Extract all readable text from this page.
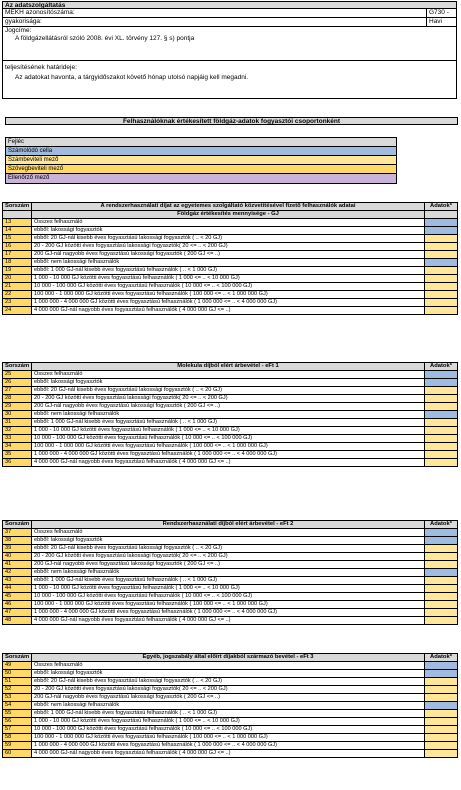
Az adatszolgáltatás
MEKH azonosítószáma:	G730 -
gyakorisága:	Havi
Jogcíme:
A földgázellátásról szóló 2008. évi XL. törvény 127. § s) pontja
teljesítésének határideje:
Az adatokat havonta, a tárgyidőszakot követő hónap utolsó napjáig kell megadni.
Felhasználóknak értékesített földgáz-adatok fogyasztói csoportonként
Fejléc
Számolódó cella
Számbeviteli mező
Szövegbeviteli mező
Ellenőrző mező
Sorszám	A rendszerhasználati díjat az egyetemes szolgáltató közvetítésével fizető felhasználók adatai	Adatok*
	Földgáz értékesítés mennyisége - GJ	
13	Összes felhasználó	
14	ebből: lakossági fogyasztók	
15	ebből: 20 GJ-nál kisebb éves fogyasztású lakossági fogyasztók ( .. < 20 GJ)	
16	20 - 200 GJ közötti éves fogyasztású lakossági fogyasztók( 20 <= .. < 200 GJ)	
17	200 GJ-nál nagyobb éves fogyasztású lakossági fogyasztók ( 200 GJ <= ..)	
18	ebből: nem lakossági felhasználók	
19	ebből: 1 000 GJ-nál kisebb éves fogyasztású felhasználók ( .. < 1 000 GJ)	
20	1 000 - 10 000 GJ közötti éves fogyasztású felhasználók ( 1 000 <= .. < 10 000 GJ)	
21	10 000 - 100 000 GJ közötti éves fogyasztású felhasználók ( 10 000 <= .. < 100 000 GJ)	
22	100 000 - 1 000 000 GJ közötti éves fogyasztású felhasználók ( 100 000 <= .. < 1 000 000 GJ)	
23	1 000 000 - 4 000 000 GJ közötti éves fogyasztású felhasználók ( 1 000 000 <= .. < 4 000 000 GJ)	
24	4 000 000 GJ-nál nagyobb éves fogyasztású felhasználók ( 4 000 000 GJ <= ..)	
Sorszám	Molekula díjból elért árbevétel - eFt 1	Adatok*
25	Összes felhasználó	
26	ebből: lakossági fogyasztók	
27	ebből: 20 GJ-nál kisebb éves fogyasztású lakossági fogyasztók ( .. < 20 GJ)	
28	20 - 200 GJ közötti éves fogyasztású lakossági fogyasztók( 20 <= .. < 200 GJ)	
29	200 GJ-nál nagyobb éves fogyasztású lakossági fogyasztók ( 200 GJ <= ..)	
30	ebből: nem lakossági felhasználók	
31	ebből: 1 000 GJ-nál kisebb éves fogyasztású felhasználók ( .. < 1 000 GJ)	
32	1 000 - 10 000 GJ közötti éves fogyasztású felhasználók ( 1 000 <= .. < 10 000 GJ)	
33	10 000 - 100 000 GJ közötti éves fogyasztású felhasználók ( 10 000 <= .. < 100 000 GJ)	
34	100 000 - 1 000 000 GJ közötti éves fogyasztású felhasználók ( 100 000 <= .. < 1 000 000 GJ)	
35	1 000 000 - 4 000 000 GJ közötti éves fogyasztású felhasználók ( 1 000 000 <= .. < 4 000 000 GJ)	
36	4 000 000 GJ-nál nagyobb éves fogyasztású felhasználók ( 4 000 000 GJ <= ..)	
Sorszám	Rendszerhasználati díjból elért árbevétel - eFt 2	Adatok*
37	Összes felhasználó	
38	ebből: lakossági fogyasztók	
39	ebből: 20 GJ-nál kisebb éves fogyasztású lakossági fogyasztók ( .. < 20 GJ)	
40	20 - 200 GJ közötti éves fogyasztású lakossági fogyasztók( 20 <= .. < 200 GJ)	
41	200 GJ-nál nagyobb éves fogyasztású lakossági fogyasztók ( 200 GJ <= ..)	
42	ebből: nem lakossági felhasználók	
43	ebből: 1 000 GJ-nál kisebb éves fogyasztású felhasználók ( .. < 1 000 GJ)	
44	1 000 - 10 000 GJ közötti éves fogyasztású felhasználók ( 1 000 <= .. < 10 000 GJ)	
45	10 000 - 100 000 GJ közötti éves fogyasztású felhasználók ( 10 000 <= .. < 100 000 GJ)	
46	100 000 - 1 000 000 GJ közötti éves fogyasztású felhasználók ( 100 000 <= .. < 1 000 000 GJ)	
47	1 000 000 - 4 000 000 GJ közötti éves fogyasztású felhasználók ( 1 000 000 <= .. < 4 000 000 GJ)	
48	4 000 000 GJ-nál nagyobb éves fogyasztású felhasználók ( 4 000 000 GJ <= ..)	
Sorszám	Egyéb, jogszabály által előírt díjakból származó bevétel - eFt 3	Adatok*
49	Összes felhasználó	
50	ebből: lakossági fogyasztók	
51	ebből: 20 GJ-nál kisebb éves fogyasztású lakossági fogyasztók ( .. < 20 GJ)	
52	20 - 200 GJ közötti éves fogyasztású lakossági fogyasztók( 20 <= .. < 200 GJ)	
53	200 GJ-nál nagyobb éves fogyasztású lakossági fogyasztók ( 200 GJ <= ..)	
54	ebből: nem lakossági felhasználók	
55	ebből: 1 000 GJ-nál kisebb éves fogyasztású felhasználók ( .. < 1 000 GJ)	
56	1 000 - 10 000 GJ közötti éves fogyasztású felhasználók ( 1 000 <= .. < 10 000 GJ)	
57	10 000 - 100 000 GJ közötti éves fogyasztású felhasználók ( 10 000 <= .. < 100 000 GJ)	
58	100 000 - 1 000 000 GJ közötti éves fogyasztású felhasználók ( 100 000 <= .. < 1 000 000 GJ)	
59	1 000 000 - 4 000 000 GJ közötti éves fogyasztású felhasználók ( 1 000 000 <= .. < 4 000 000 GJ)	
60	4 000 000 GJ-nál nagyobb éves fogyasztású felhasználók ( 4 000 000 GJ <= ..)	
